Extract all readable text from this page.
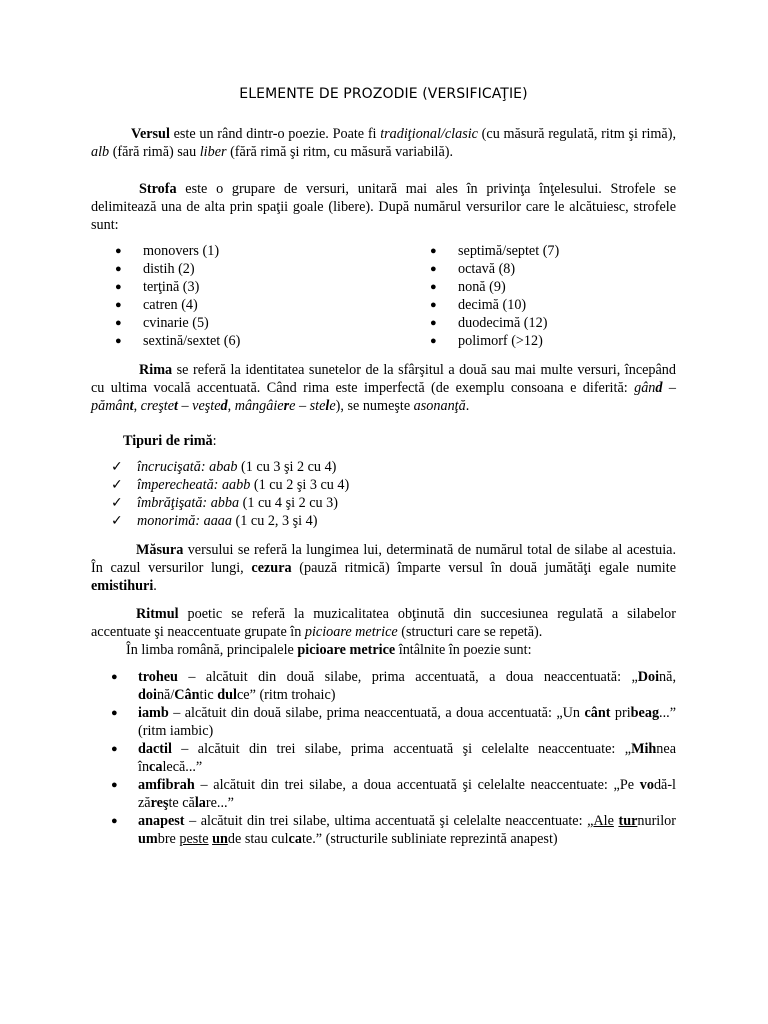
ELEMENTE DE PROZODIE (VERSIFICAŢIE)

Versul este un rând dintr-o poezie. Poate fi tradiţional/clasic (cu măsură regulată, ritm şi rimă), alb (fără rimă) sau liber (fără rimă şi ritm, cu măsură variabilă).

Strofa este o grupare de versuri, unitară mai ales în privinţa înţelesului. Strofele se delimitează una de alta prin spaţii goale (libere). După numărul versurilor care le alcătuiesc, strofele sunt:

● monovers (1)
● distih (2)
● terţină (3)
● catren (4)
● cvinarie (5)
● sextină/sextet (6)
● septimă/septet (7)
● octavă (8)
● nonă (9)
● decimă (10)
● duodecimă (12)
● polimorf (>12)

Rima se referă la identitatea sunetelor de la sfârşitul a două sau mai multe versuri, începând cu ultima vocală accentuată. Când rima este imperfectă (de exemplu consoana e diferită: gând – pământ, creştet – veşted, mângâiere – stele), se numeşte asonanţă.

Tipuri de rimă:

✓ încrucişată: abab (1 cu 3 şi 2 cu 4)
✓ împerecheată: aabb (1 cu 2 şi 3 cu 4)
✓ îmbrăţişată: abba (1 cu 4 şi 2 cu 3)
✓ monorimă: aaaa (1 cu 2, 3 şi 4)

Măsura versului se referă la lungimea lui, determinată de numărul total de silabe al acestuia. În cazul versurilor lungi, cezura (pauză ritmică) împarte versul în două jumătăţi egale numite emistihuri.

Ritmul poetic se referă la muzicalitatea obţinută din succesiunea regulată a silabelor accentuate şi neaccentuate grupate în picioare metrice (structuri care se repetă).

În limba română, principalele picioare metrice întâlnite în poezie sunt:

● troheu – alcătuit din două silabe, prima accentuată, a doua neaccentuată: „Doină, doină/Cântic dulce” (ritm trohaic)
● iamb – alcătuit din două silabe, prima neaccentuată, a doua accentuată: „Un cânt pribeag...” (ritm iambic)
● dactil – alcătuit din trei silabe, prima accentuată şi celelalte neaccentuate: „Mihnea încalecă...”
● amfibrah – alcătuit din trei silabe, a doua accentuată şi celelalte neaccentuate: „Pe vodă-l zăreşte călare...”
● anapest – alcătuit din trei silabe, ultima accentuată şi celelalte neaccentuate: „Ale turnurilor umbre peste unde stau culcate.” (structurile subliniate reprezintă anapest)
